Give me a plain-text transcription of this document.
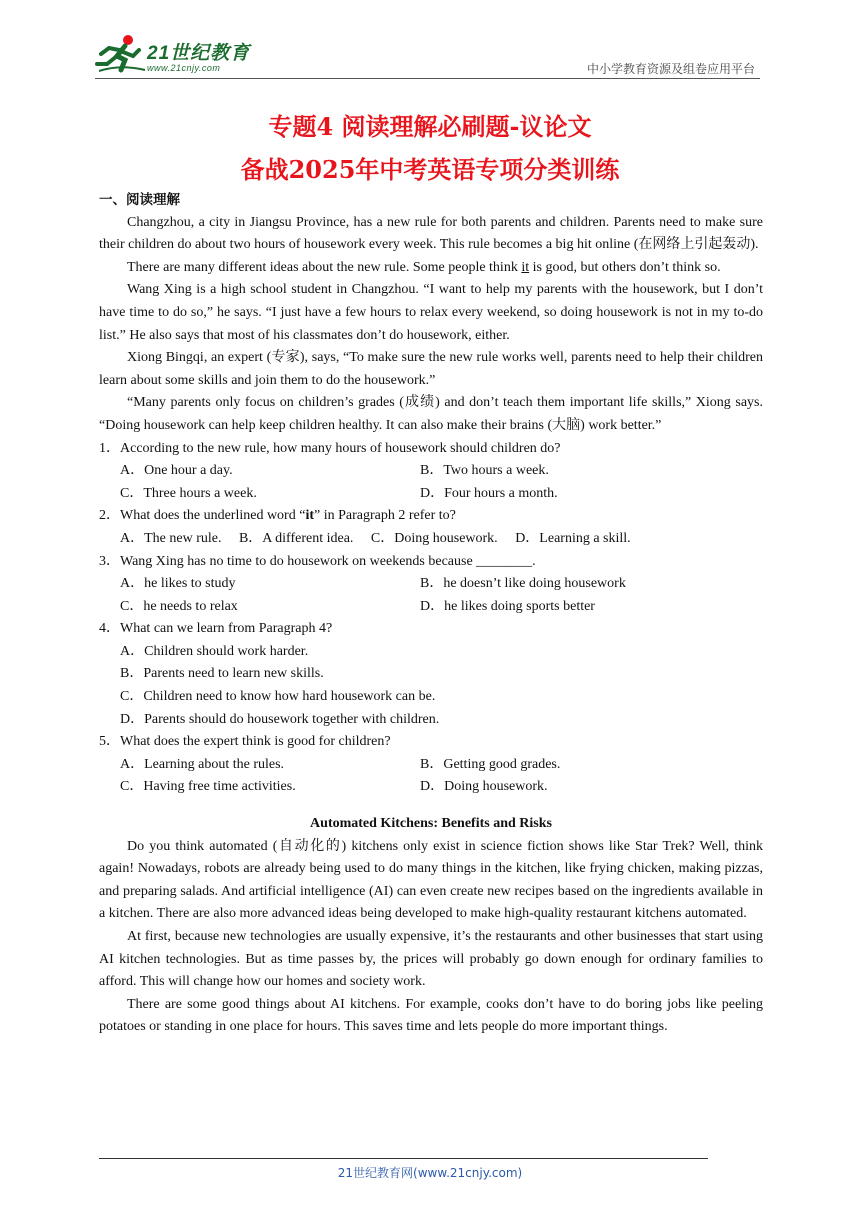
21世纪教育
www.21cnjy.com	中小学教育资源及组卷应用平台
专题4 阅读理解必刷题-议论文
备战2025年中考英语专项分类训练

一、阅读理解

Changzhou, a city in Jiangsu Province, has a new rule for both parents and children. Parents need to make sure their children do about two hours of housework every week. This rule becomes a big hit online (在网络上引起轰动).

There are many different ideas about the new rule. Some people think it is good, but others don’t think so.

Wang Xing is a high school student in Changzhou. “I want to help my parents with the housework, but I don’t have time to do so,” he says. “I just have a few hours to relax every weekend, so doing housework is not in my to-do list.” He also says that most of his classmates don’t do housework, either.

Xiong Bingqi, an expert (专家), says, “To make sure the new rule works well, parents need to help their children learn about some skills and join them to do the housework.”

“Many parents only focus on children’s grades (成绩) and don’t teach them important life skills,” Xiong says. “Doing housework can help keep children healthy. It can also make their brains (大脑) work better.”

1．According to the new rule, how many hours of housework should children do?

A．One hour a day.	B．Two hours a week.
C．Three hours a week.	D．Four hours a month.

2．What does the underlined word “it” in Paragraph 2 refer to?

A．The new rule. B．A different idea. C．Doing housework. D．Learning a skill.

3．Wang Xing has no time to do housework on weekends because ________.

A．he likes to study	B．he doesn’t like doing housework
C．he needs to relax	D．he likes doing sports better

4．What can we learn from Paragraph 4?

A．Children should work harder.
B．Parents need to learn new skills.
C．Children need to know how hard housework can be.
D．Parents should do housework together with children.

5．What does the expert think is good for children?

A．Learning about the rules.	B．Getting good grades.
C．Having free time activities.	D．Doing housework.

Automated Kitchens: Benefits and Risks

Do you think automated (自动化的) kitchens only exist in science fiction shows like Star Trek? Well, think again! Nowadays, robots are already being used to do many things in the kitchen, like frying chicken, making pizzas, and preparing salads. And artificial intelligence (AI) can even create new recipes based on the ingredients available in a kitchen. There are also more advanced ideas being developed to make high-quality restaurant kitchens automated.

At first, because new technologies are usually expensive, it’s the restaurants and other businesses that start using AI kitchen technologies. But as time passes by, the prices will probably go down enough for ordinary families to afford. This will change how our homes and society work.

There are some good things about AI kitchens. For example, cooks don’t have to do boring jobs like peeling potatoes or standing in one place for hours. This saves time and lets people do more important things.

21世纪教育网(www.21cnjy.com)
